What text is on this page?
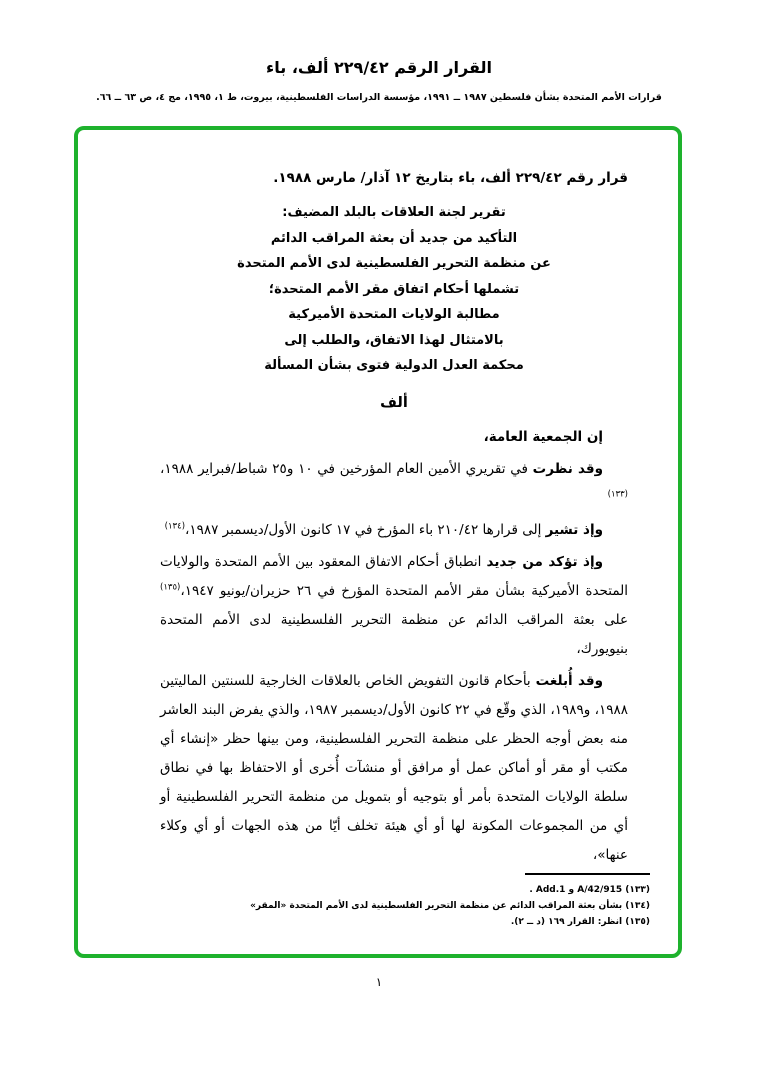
القرار الرقم ٢٢٩/٤٢ ألف، باء
قرارات الأمم المتحدة بشأن فلسطين ١٩٨٧ ــ ١٩٩١، مؤسسة الدراسات الفلسطينية، بيروت، ط ١، ١٩٩٥، مج ٤، ص ٦٣ ــ ٦٦.

قرار رقم ٢٢٩/٤٢ ألف، باء بتاريخ ١٢ آذار/ مارس ١٩٨٨.

تقرير لجنة العلاقات بالبلد المضيف:
التأكيد من جديد أن بعثة المراقب الدائم
عن منظمة التحرير الفلسطينية لدى الأمم المتحدة
تشملها أحكام اتفاق مقر الأمم المتحدة؛
مطالبة الولايات المتحدة الأميركية
بالامتثال لهذا الاتفاق، والطلب إلى
محكمة العدل الدولية فتوى بشأن المسألة
ألف

إن الجمعية العامة،

وقد نظرت في تقريري الأمين العام المؤرخين في ١٠ و٢٥ شباط/فبراير ١٩٨٨،$^{(١٣٣)}$

وإذ تشير إلى قرارها ٢١٠/٤٢ باء المؤرخ في ١٧ كانون الأول/ديسمبر ١٩٨٧،$^{(١٣٤)}$

وإذ تؤكد من جديد انطباق أحكام الاتفاق المعقود بين الأمم المتحدة والولايات المتحدة الأميركية بشأن مقر الأمم المتحدة المؤرخ في ٢٦ حزيران/يونيو ١٩٤٧،$^{(١٣٥)}$ على بعثة المراقب الدائم عن منظمة التحرير الفلسطينية لدى الأمم المتحدة بنيويورك،

وقد أُبلغت بأحكام قانون التفويض الخاص بالعلاقات الخارجية للسنتين الماليتين ١٩٨٨، و١٩٨٩، الذي وقّع في ٢٢ كانون الأول/ديسمبر ١٩٨٧، والذي يفرض البند العاشر منه بعض أوجه الحظر على منظمة التحرير الفلسطينية، ومن بينها حظر «إنشاء أي مكتب أو مقر أو أماكن عمل أو مرافق أو منشآت أُخرى أو الاحتفاظ بها في نطاق سلطة الولايات المتحدة بأمر أو بتوجيه أو بتمويل من منظمة التحرير الفلسطينية أو أي من المجموعات المكونة لها أو أي هيئة تخلف أيّا من هذه الجهات أو أي وكلاء عنها»،

(١٣٣) A/42/915 و Add.1 .
(١٣٤) بشأن بعثة المراقب الدائم عن منظمة التحرير الفلسطينية لدى الأمم المتحدة «المقر»
(١٣٥) انظر: القرار ١٦٩ (د ــ ٢).
١
